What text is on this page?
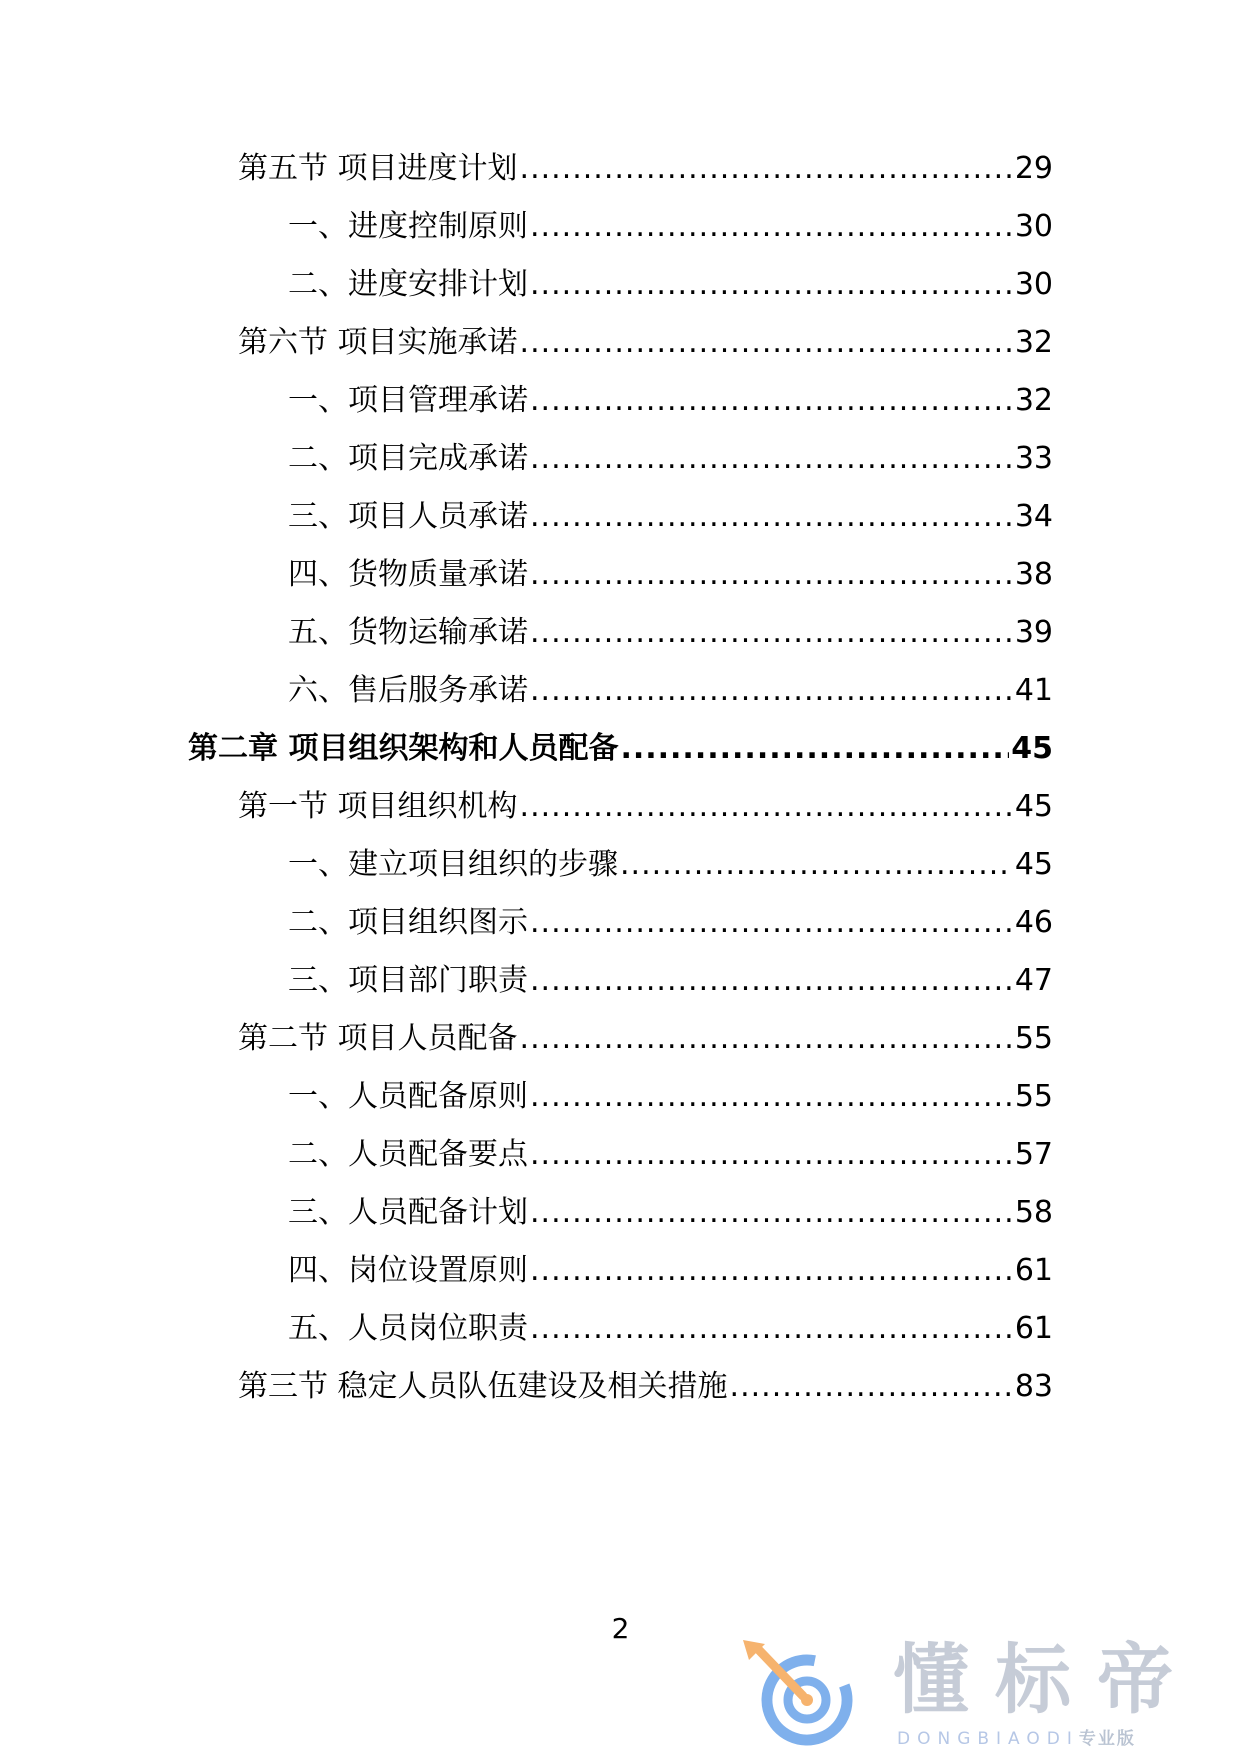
第五节 项目进度计划 .....	29
一、进度控制原则 .....	30
二、进度安排计划 .....	30
第六节 项目实施承诺 .....	32
一、项目管理承诺 .....	32
二、项目完成承诺 .....	33
三、项目人员承诺 .....	34
四、货物质量承诺 .....	38
五、货物运输承诺 .....	39
六、售后服务承诺 .....	41
第二章 项目组织架构和人员配备 .....	45
第一节 项目组织机构 .....	45
一、建立项目组织的步骤 .....	45
二、项目组织图示 .....	46
三、项目部门职责 .....	47
第二节 项目人员配备 .....	55
一、人员配备原则 .....	55
二、人员配备要点 .....	57
三、人员配备计划 .....	58
四、岗位设置原则 .....	61
五、人员岗位职责 .....	61
第三节 稳定人员队伍建设及相关措施 .....	83
2
懂标帝
DONGBIAODI专业版
